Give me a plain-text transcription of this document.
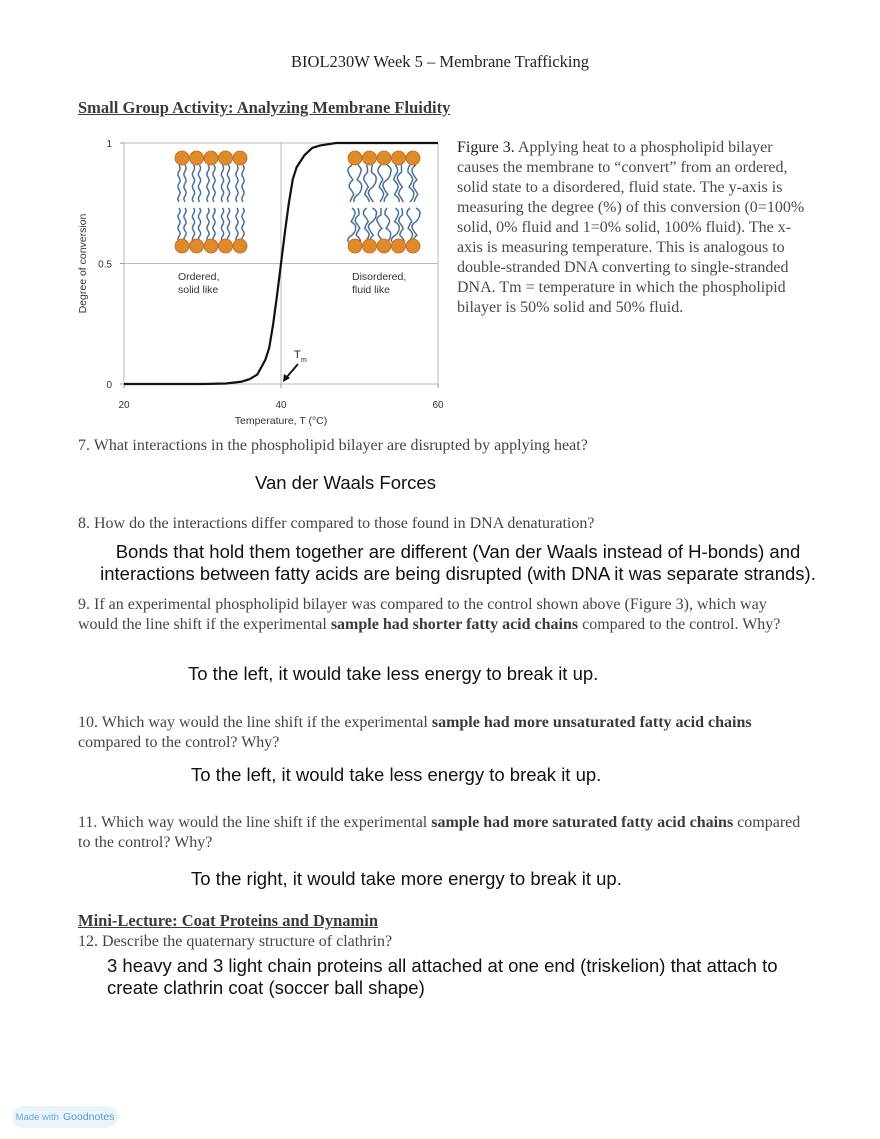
BIOL230W Week 5 – Membrane Trafficking
Small Group Activity: Analyzing Membrane Fluidity
0
0.5
1
20	40	60
Temperature, T (°C)
Degree of conversion	Ordered,
solid like
Disordered,
fluid like
T m
Figure 3. Applying heat to a phospholipid bilayer causes the membrane to “convert” from an ordered, solid state to a disordered, fluid state. The y-axis is measuring the degree (%) of this conversion (0=100% solid, 0% fluid and 1=0% solid, 100% fluid). The x-axis is measuring temperature. This is analogous to double-stranded DNA converting to single-stranded DNA. Tm = temperature in which the phospholipid bilayer is 50% solid and 50% fluid.
7. What interactions in the phospholipid bilayer are disrupted by applying heat?
Van der Waals Forces
8. How do the interactions differ compared to those found in DNA denaturation?
Bonds that hold them together are different (Van der Waals instead of H-bonds) and interactions between fatty acids are being disrupted (with DNA it was separate strands).
9. If an experimental phospholipid bilayer was compared to the control shown above (Figure 3), which way would the line shift if the experimental sample had shorter fatty acid chains compared to the control. Why?
To the left, it would take less energy to break it up.
10. Which way would the line shift if the experimental sample had more unsaturated fatty acid chains compared to the control? Why?
To the left, it would take less energy to break it up.
11. Which way would the line shift if the experimental sample had more saturated fatty acid chains compared to the control? Why?
To the right, it would take more energy to break it up.
Mini-Lecture: Coat Proteins and Dynamin
12. Describe the quaternary structure of clathrin?
3 heavy and 3 light chain proteins all attached at one end (triskelion) that attach to create clathrin coat (soccer ball shape)
Made with Goodnotes
